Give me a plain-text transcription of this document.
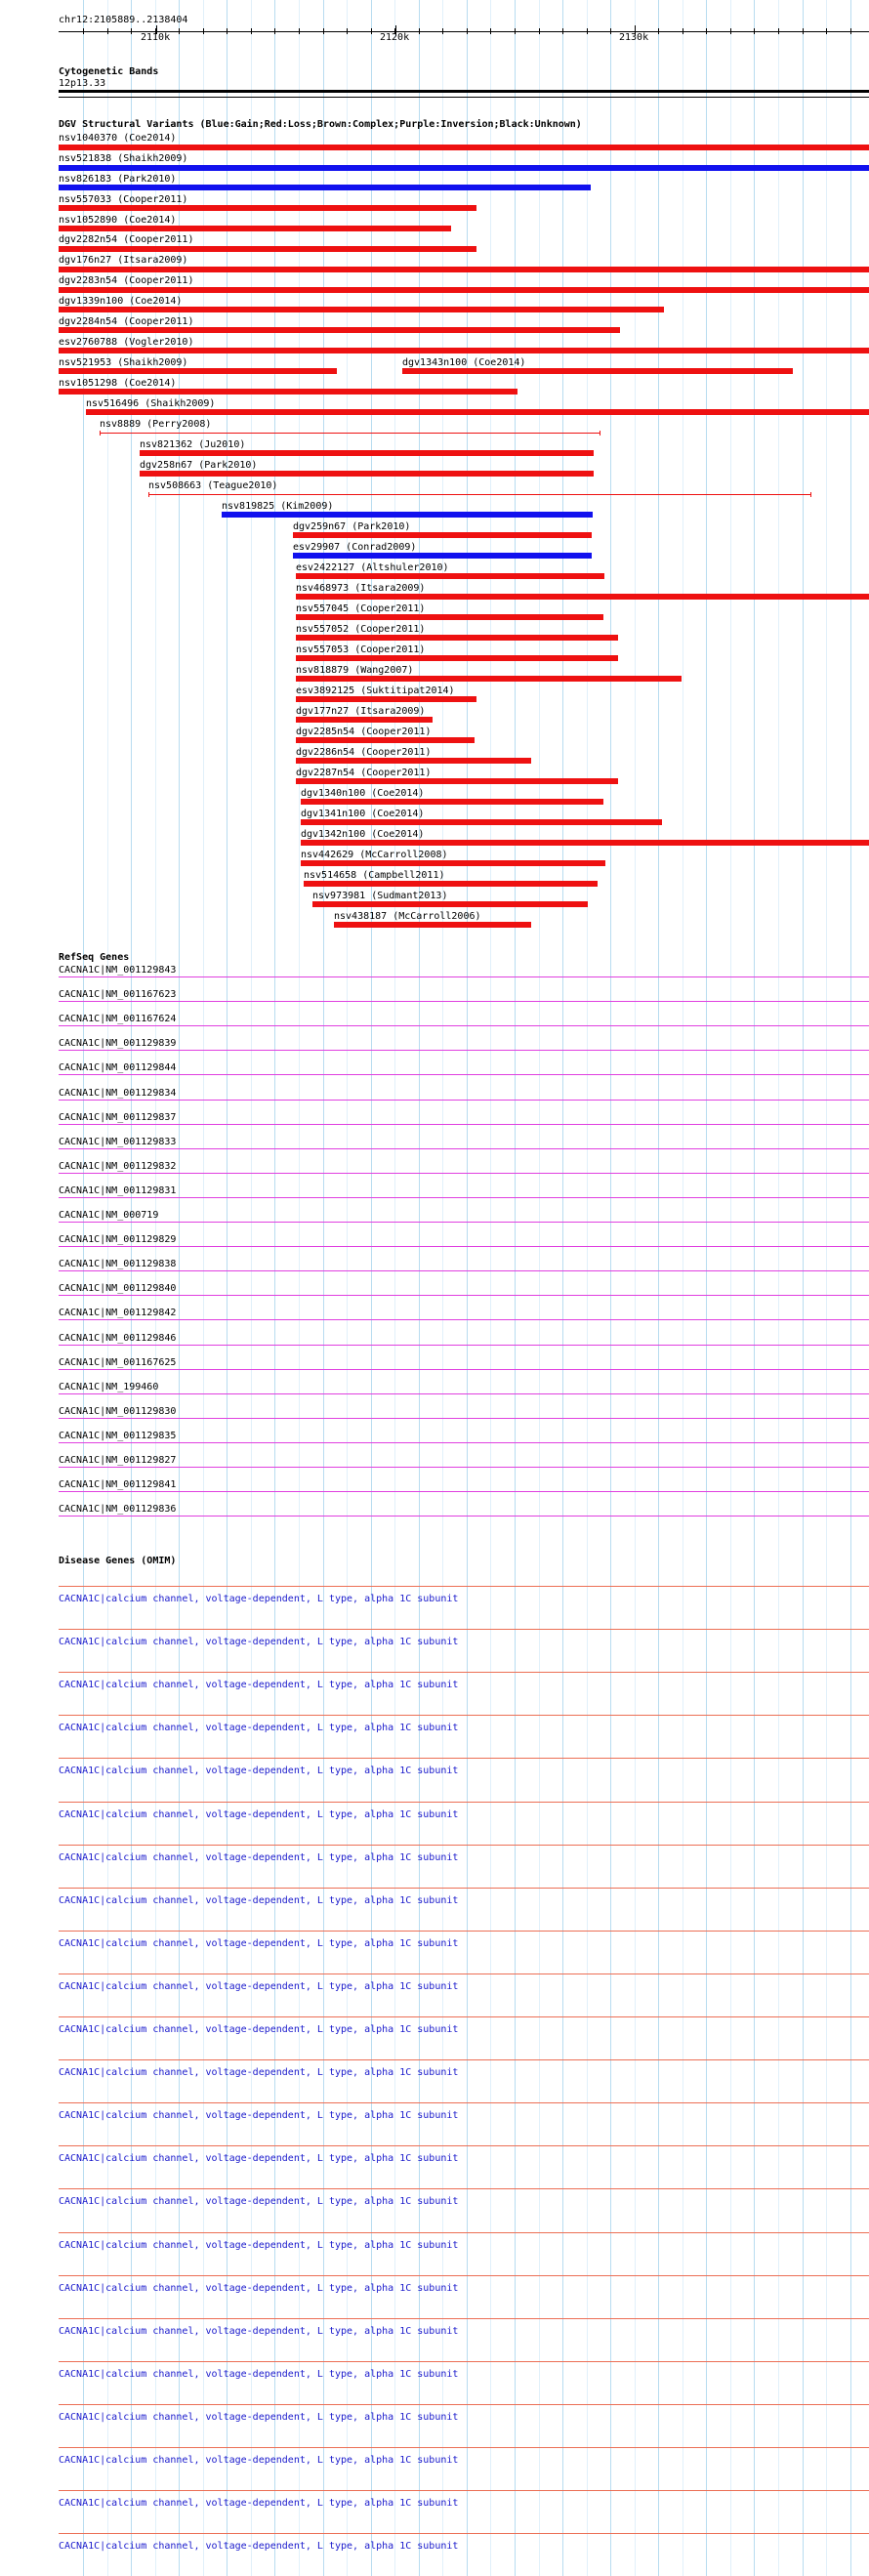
chr12:2105889..2138404
2110k	2120k	2130k
Cytogenetic Bands
12p13.33
DGV Structural Variants (Blue:Gain;Red:Loss;Brown:Complex;Purple:Inversion;Black:Unknown)
RefSeq Genes
Disease Genes (OMIM)
nsv1040370 (Coe2014)
nsv521838 (Shaikh2009)
nsv826183 (Park2010)
nsv557033 (Cooper2011)
nsv1052890 (Coe2014)
dgv2282n54 (Cooper2011)
dgv176n27 (Itsara2009)
dgv2283n54 (Cooper2011)
dgv1339n100 (Coe2014)
dgv2284n54 (Cooper2011)
esv2760788 (Vogler2010)
nsv521953 (Shaikh2009)	dgv1343n100 (Coe2014)
nsv1051298 (Coe2014)
nsv516496 (Shaikh2009)
nsv8889 (Perry2008)
nsv821362 (Ju2010)
dgv258n67 (Park2010)
nsv508663 (Teague2010)
nsv819825 (Kim2009)
dgv259n67 (Park2010)
esv29907 (Conrad2009)
esv2422127 (Altshuler2010)
nsv468973 (Itsara2009)
nsv557045 (Cooper2011)
nsv557052 (Cooper2011)
nsv557053 (Cooper2011)
nsv818879 (Wang2007)
esv3892125 (Suktitipat2014)
dgv177n27 (Itsara2009)
dgv2285n54 (Cooper2011)
dgv2286n54 (Cooper2011)
dgv2287n54 (Cooper2011)
dgv1340n100 (Coe2014)
dgv1341n100 (Coe2014)
dgv1342n100 (Coe2014)
nsv442629 (McCarroll2008)
nsv514658 (Campbell2011)
nsv973981 (Sudmant2013)
nsv438187 (McCarroll2006)
CACNA1C|NM_001129843
CACNA1C|NM_001167623
CACNA1C|NM_001167624
CACNA1C|NM_001129839
CACNA1C|NM_001129844
CACNA1C|NM_001129834
CACNA1C|NM_001129837
CACNA1C|NM_001129833
CACNA1C|NM_001129832
CACNA1C|NM_001129831
CACNA1C|NM_000719
CACNA1C|NM_001129829
CACNA1C|NM_001129838
CACNA1C|NM_001129840
CACNA1C|NM_001129842
CACNA1C|NM_001129846
CACNA1C|NM_001167625
CACNA1C|NM_199460
CACNA1C|NM_001129830
CACNA1C|NM_001129835
CACNA1C|NM_001129827
CACNA1C|NM_001129841
CACNA1C|NM_001129836
CACNA1C|calcium channel, voltage-dependent, L type, alpha 1C subunit
CACNA1C|calcium channel, voltage-dependent, L type, alpha 1C subunit
CACNA1C|calcium channel, voltage-dependent, L type, alpha 1C subunit
CACNA1C|calcium channel, voltage-dependent, L type, alpha 1C subunit
CACNA1C|calcium channel, voltage-dependent, L type, alpha 1C subunit
CACNA1C|calcium channel, voltage-dependent, L type, alpha 1C subunit
CACNA1C|calcium channel, voltage-dependent, L type, alpha 1C subunit
CACNA1C|calcium channel, voltage-dependent, L type, alpha 1C subunit
CACNA1C|calcium channel, voltage-dependent, L type, alpha 1C subunit
CACNA1C|calcium channel, voltage-dependent, L type, alpha 1C subunit
CACNA1C|calcium channel, voltage-dependent, L type, alpha 1C subunit
CACNA1C|calcium channel, voltage-dependent, L type, alpha 1C subunit
CACNA1C|calcium channel, voltage-dependent, L type, alpha 1C subunit
CACNA1C|calcium channel, voltage-dependent, L type, alpha 1C subunit
CACNA1C|calcium channel, voltage-dependent, L type, alpha 1C subunit
CACNA1C|calcium channel, voltage-dependent, L type, alpha 1C subunit
CACNA1C|calcium channel, voltage-dependent, L type, alpha 1C subunit
CACNA1C|calcium channel, voltage-dependent, L type, alpha 1C subunit
CACNA1C|calcium channel, voltage-dependent, L type, alpha 1C subunit
CACNA1C|calcium channel, voltage-dependent, L type, alpha 1C subunit
CACNA1C|calcium channel, voltage-dependent, L type, alpha 1C subunit
CACNA1C|calcium channel, voltage-dependent, L type, alpha 1C subunit
CACNA1C|calcium channel, voltage-dependent, L type, alpha 1C subunit
